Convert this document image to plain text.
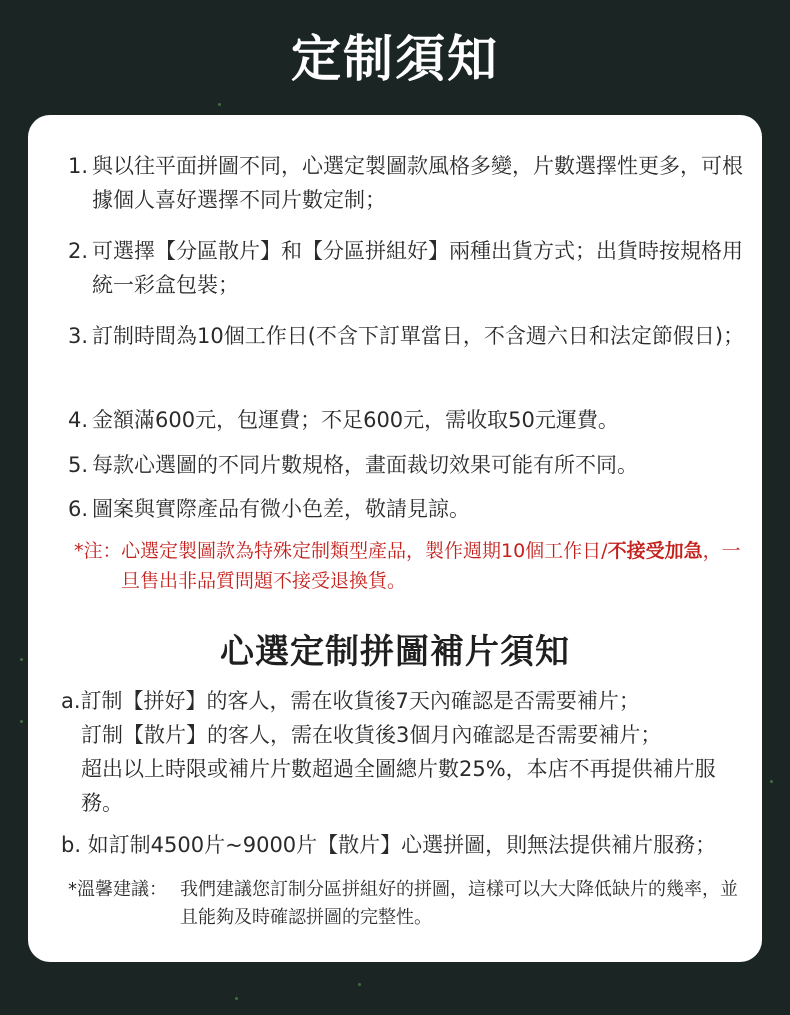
定制須知
1. 與以往平面拼圖不同，心選定製圖款風格多變，片數選擇性更多，可根據個人喜好選擇不同片數定制；
2. 可選擇【分區散片】和【分區拼組好】兩種出貨方式；出貨時按規格用統一彩盒包裝；
3. 訂制時間為10個工作日(不含下訂單當日，不含週六日和法定節假日)；
4. 金額滿600元，包運費；不足600元，需收取50元運費。
5. 每款心選圖的不同片數規格，畫面裁切效果可能有所不同。
6. 圖案與實際產品有微小色差，敬請見諒。
*注： 心選定製圖款為特殊定制類型產品，製作週期10個工作日/不接受加急，一旦售出非品質問題不接受退換貨。
心選定制拼圖補片須知
a.訂制【拼好】的客人，需在收貨後7天內確認是否需要補片；
訂制【散片】的客人，需在收貨後3個月內確認是否需要補片；
超出以上時限或補片片數超過全圖總片數25%，本店不再提供補片服務。
b. 如訂制4500片~9000片【散片】心選拼圖，則無法提供補片服務；
*溫馨建議： 我們建議您訂制分區拼組好的拼圖，這樣可以大大降低缺片的幾率，並且能夠及時確認拼圖的完整性。
